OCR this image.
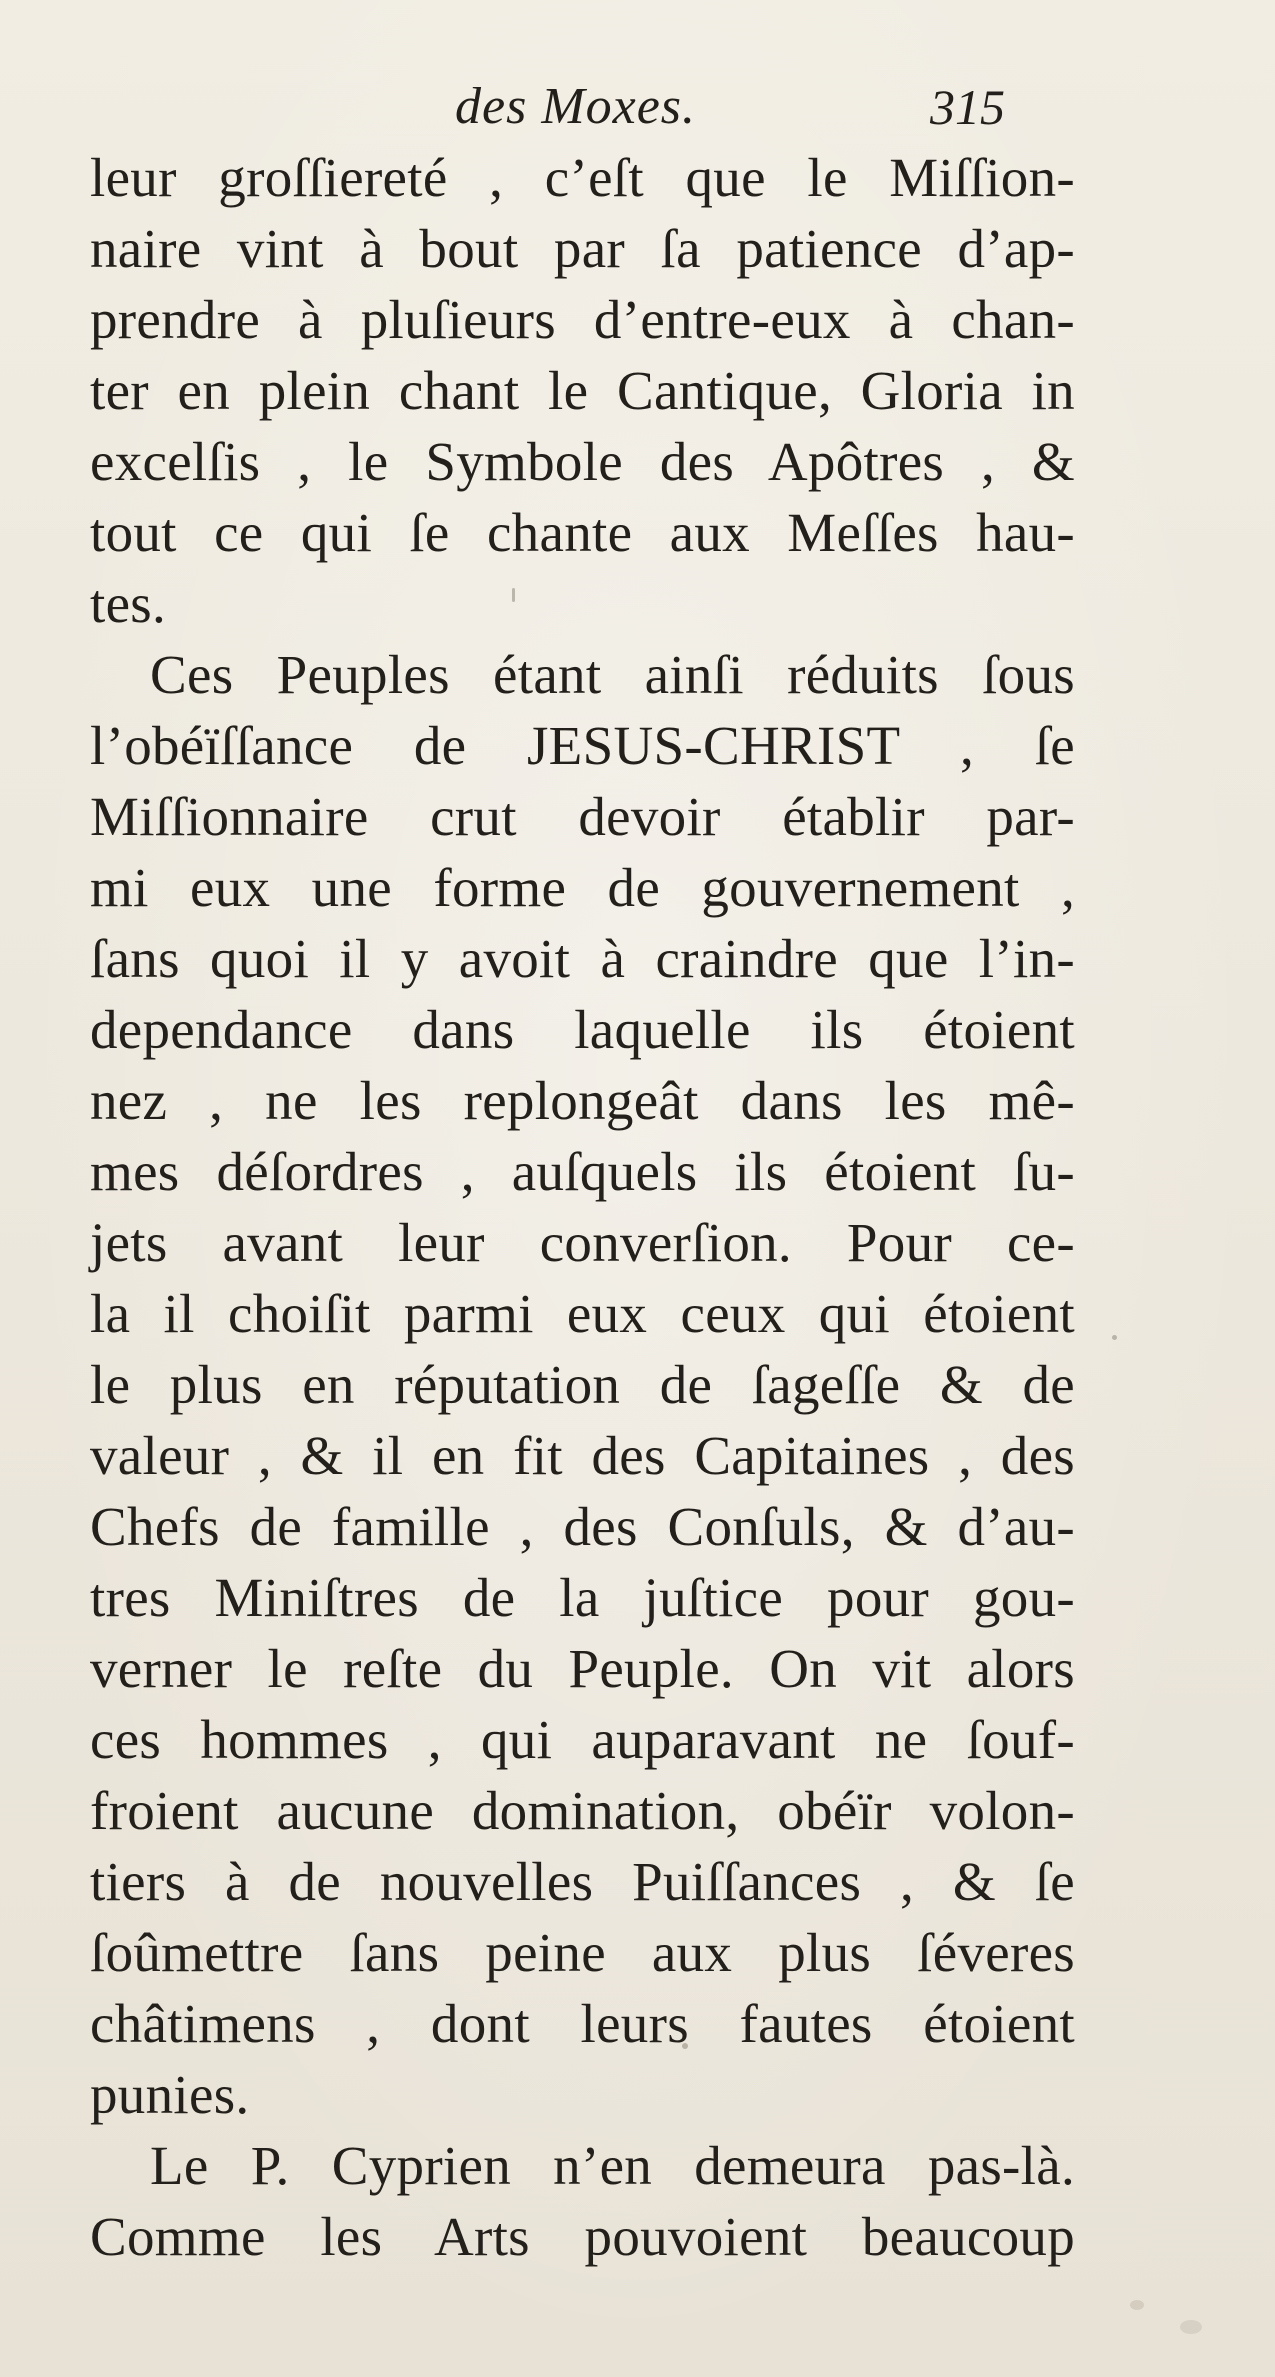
des Moxes.	315
leur groſſiereté , c’eſt que le Miſſion-
naire vint à bout par ſa patience d’ap-
prendre à pluſieurs d’entre-eux à chan-
ter en plein chant le Cantique, Gloria in
excelſis , le Symbole des Apôtres , &
tout ce qui ſe chante aux Meſſes hau-
tes.
Ces Peuples étant ainſi réduits ſous
l’obéïſſance de JESUS-CHRIST , ſe
Miſſionnaire crut devoir établir par-
mi eux une forme de gouvernement ,
ſans quoi il y avoit à craindre que l’in-
dependance dans laquelle ils étoient
nez , ne les replongeât dans les mê-
mes déſordres , auſquels ils étoient ſu-
jets avant leur converſion. Pour ce-
la il choiſit parmi eux ceux qui étoient
le plus en réputation de ſageſſe & de
valeur , & il en fit des Capitaines , des
Chefs de famille , des Conſuls, & d’au-
tres Miniſtres de la juſtice pour gou-
verner le reſte du Peuple. On vit alors
ces hommes , qui auparavant ne ſouf-
froient aucune domination, obéïr volon-
tiers à de nouvelles Puiſſances , & ſe
ſoûmettre ſans peine aux plus ſéveres
châtimens , dont leurs fautes étoient
punies.
Le P. Cyprien n’en demeura pas-là.
Comme les Arts pouvoient beaucoup
